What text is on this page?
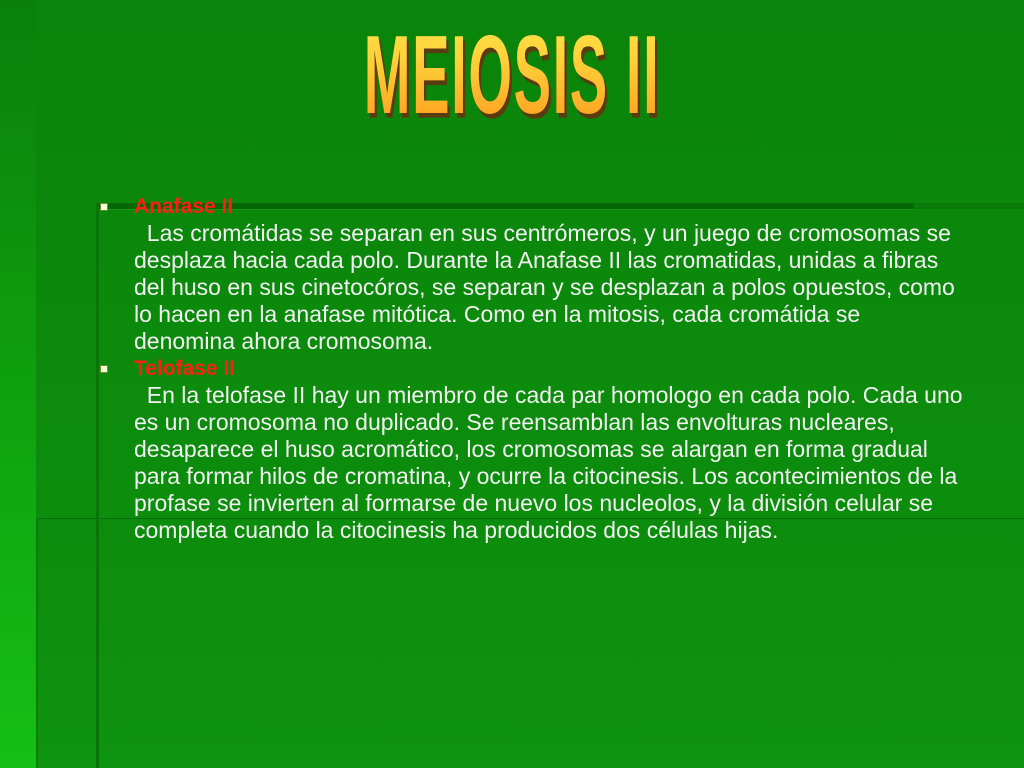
MEIOSIS II
Anafase II

Las cromátidas se separan en sus centrómeros, y un juego de cromosomas se desplaza hacia cada polo. Durante la Anafase II las cromatidas, unidas a fibras del huso en sus cinetocóros, se separan y se desplazan a polos opuestos, como lo hacen en la anafase mitótica. Como en la mitosis, cada cromátida se denomina ahora cromosoma.

Telofase II

En la telofase II hay un miembro de cada par homologo en cada polo. Cada uno es un cromosoma no duplicado. Se reensamblan las envolturas nucleares, desaparece el huso acromático, los cromosomas se alargan en forma gradual para formar hilos de cromatina, y ocurre la citocinesis. Los acontecimientos de la profase se invierten al formarse de nuevo los nucleolos, y la división celular se completa cuando la citocinesis ha producidos dos células hijas.
